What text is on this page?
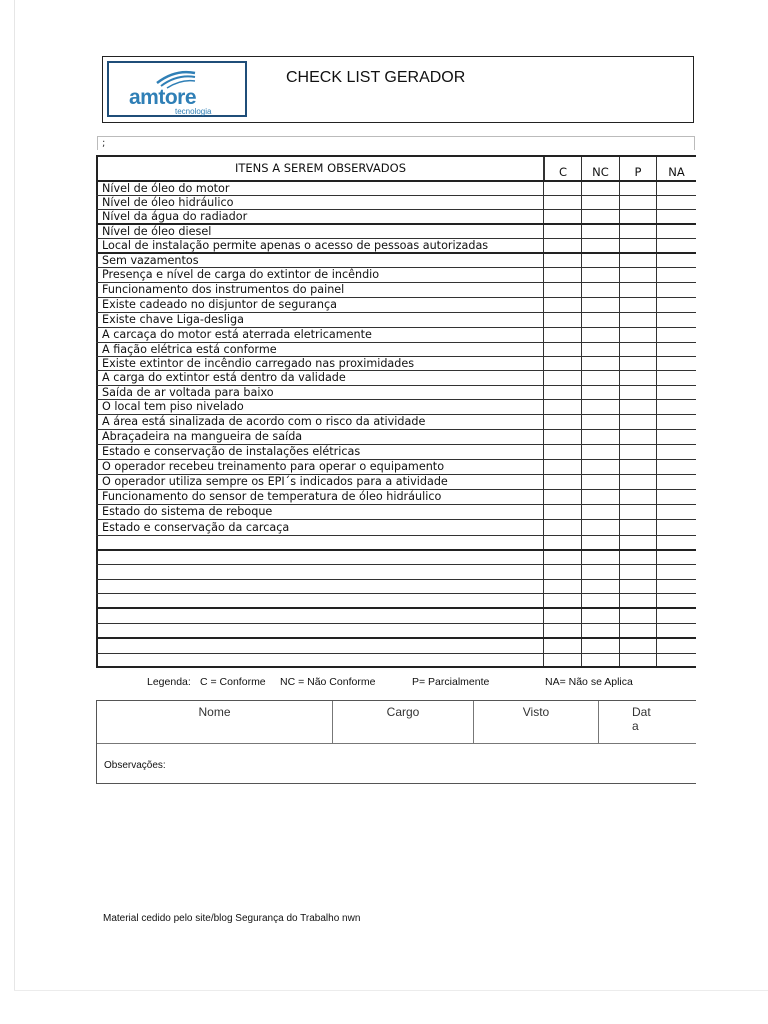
amtore
tecnologia
CHECK LIST GERADOR
;
ITENS A SEREM OBSERVADOS	C	NC	P	NA
Nível de óleo do motor
Nível de óleo hidráulico
Nível da água do radiador
Nível de óleo diesel
Local de instalação permite apenas o acesso de pessoas autorizadas
Sem vazamentos
Presença e nível de carga do extintor de incêndio
Funcionamento dos instrumentos do painel
Existe cadeado no disjuntor de segurança
Existe chave Liga-desliga
A carcaça do motor está aterrada eletricamente
A fiação elétrica está conforme
Existe extintor de incêndio carregado nas proximidades
A carga do extintor está dentro da validade
Saída de ar voltada para baixo
O local tem piso nivelado
A área está sinalizada de acordo com o risco da atividade
Abraçadeira na mangueira de saída
Estado e conservação de instalações elétricas
O operador recebeu treinamento para operar o equipamento
O operador utiliza sempre os EPI´s indicados para a atividade
Funcionamento do sensor de temperatura de óleo hidráulico
Estado do sistema de reboque
Estado e conservação da carcaça
Legenda: C = Conforme NC = Não Conforme	P= Parcialmente	NA= Não se Aplica
Nome	Cargo	Visto	Dat
a
Observações:
Material cedido pelo site/blog Segurança do Trabalho nwn
